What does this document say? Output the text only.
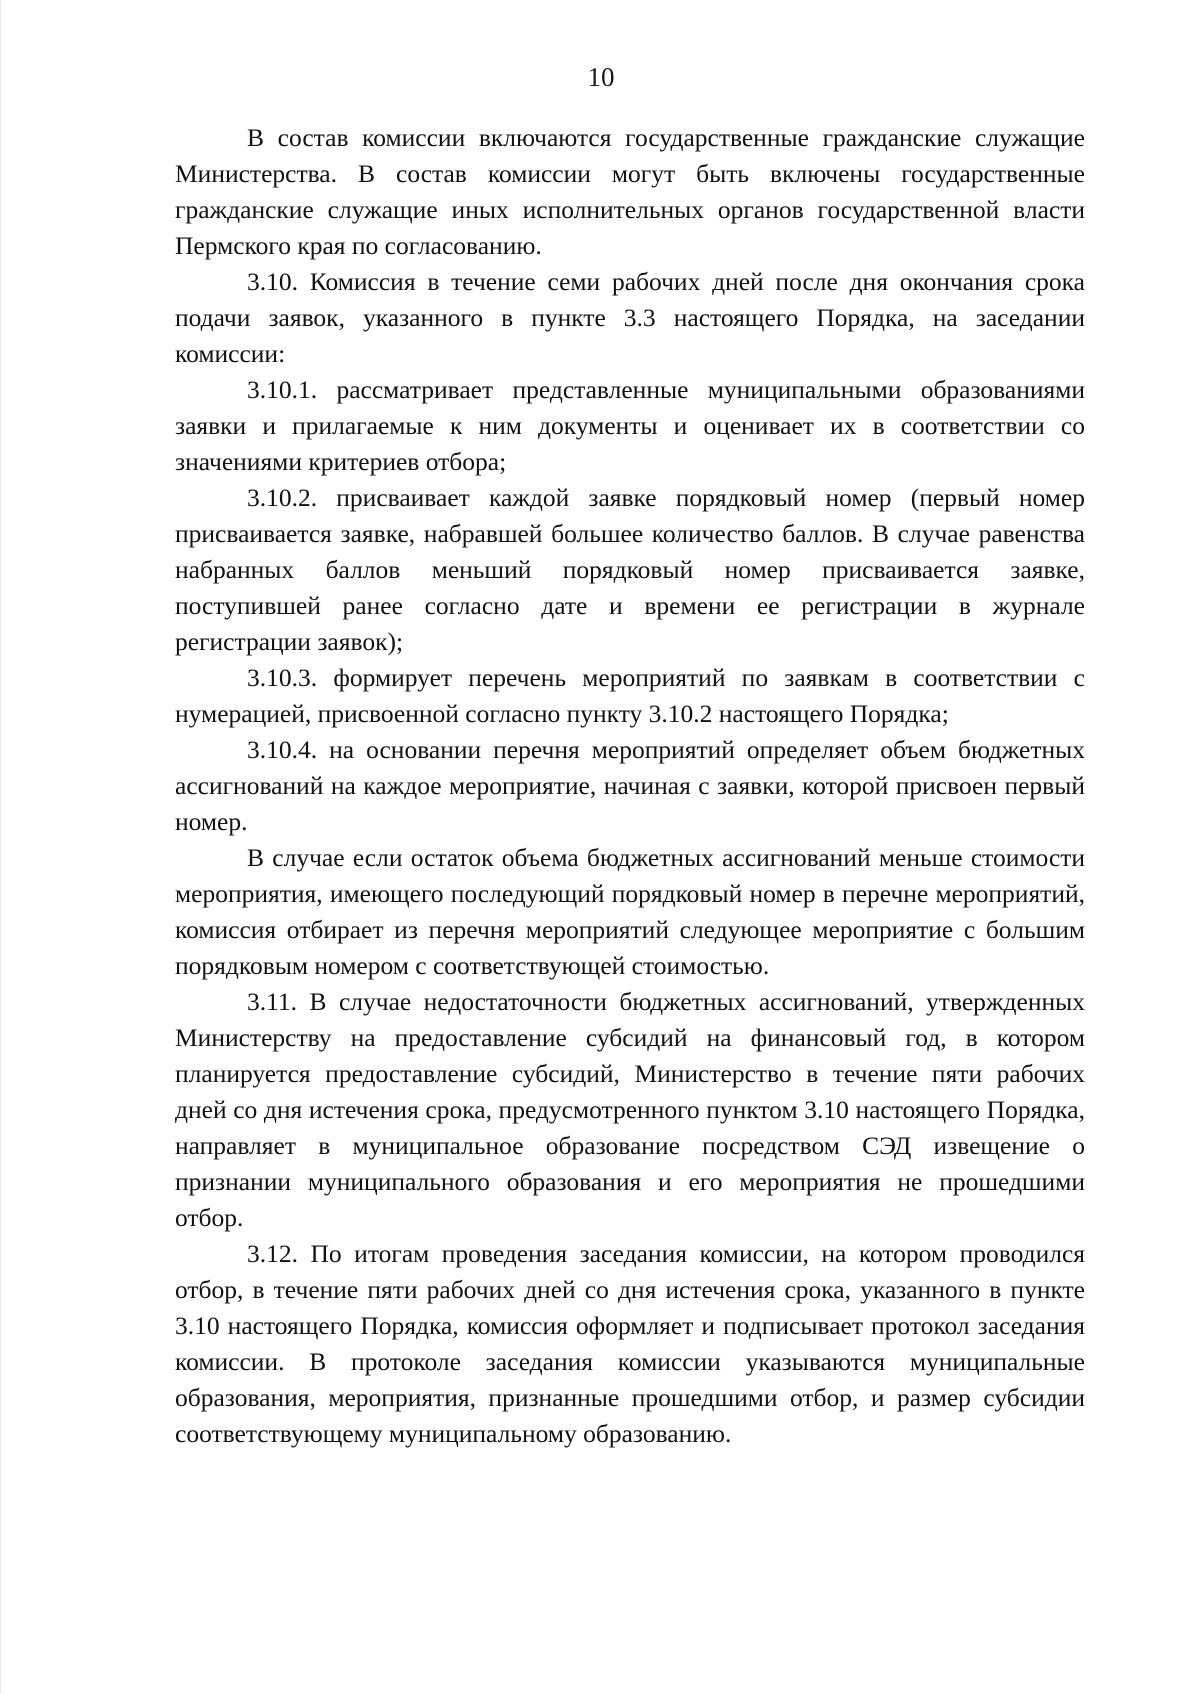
10

В состав комиссии включаются государственные гражданские служащие Министерства. В состав комиссии могут быть включены государственные гражданские служащие иных исполнительных органов государственной власти Пермского края по согласованию.

3.10. Комиссия в течение семи рабочих дней после дня окончания срока подачи заявок, указанного в пункте 3.3 настоящего Порядка, на заседании комиссии:

3.10.1. рассматривает представленные муниципальными образованиями заявки и прилагаемые к ним документы и оценивает их в соответствии со значениями критериев отбора;

3.10.2. присваивает каждой заявке порядковый номер (первый номер присваивается заявке, набравшей большее количество баллов. В случае равенства набранных баллов меньший порядковый номер присваивается заявке, поступившей ранее согласно дате и времени ее регистрации в журнале регистрации заявок);

3.10.3. формирует перечень мероприятий по заявкам в соответствии с нумерацией, присвоенной согласно пункту 3.10.2 настоящего Порядка;

3.10.4. на основании перечня мероприятий определяет объем бюджетных ассигнований на каждое мероприятие, начиная с заявки, которой присвоен первый номер.

В случае если остаток объема бюджетных ассигнований меньше стоимости мероприятия, имеющего последующий порядковый номер в перечне мероприятий, комиссия отбирает из перечня мероприятий следующее мероприятие с большим порядковым номером с соответствующей стоимостью.

3.11. В случае недостаточности бюджетных ассигнований, утвержденных Министерству на предоставление субсидий на финансовый год, в котором планируется предоставление субсидий, Министерство в течение пяти рабочих дней со дня истечения срока, предусмотренного пунктом 3.10 настоящего Порядка, направляет в муниципальное образование посредством СЭД извещение о признании муниципального образования и его мероприятия не прошедшими отбор.

3.12. По итогам проведения заседания комиссии, на котором проводился отбор, в течение пяти рабочих дней со дня истечения срока, указанного в пункте 3.10 настоящего Порядка, комиссия оформляет и подписывает протокол заседания комиссии. В протоколе заседания комиссии указываются муниципальные образования, мероприятия, признанные прошедшими отбор, и размер субсидии соответствующему муниципальному образованию.
